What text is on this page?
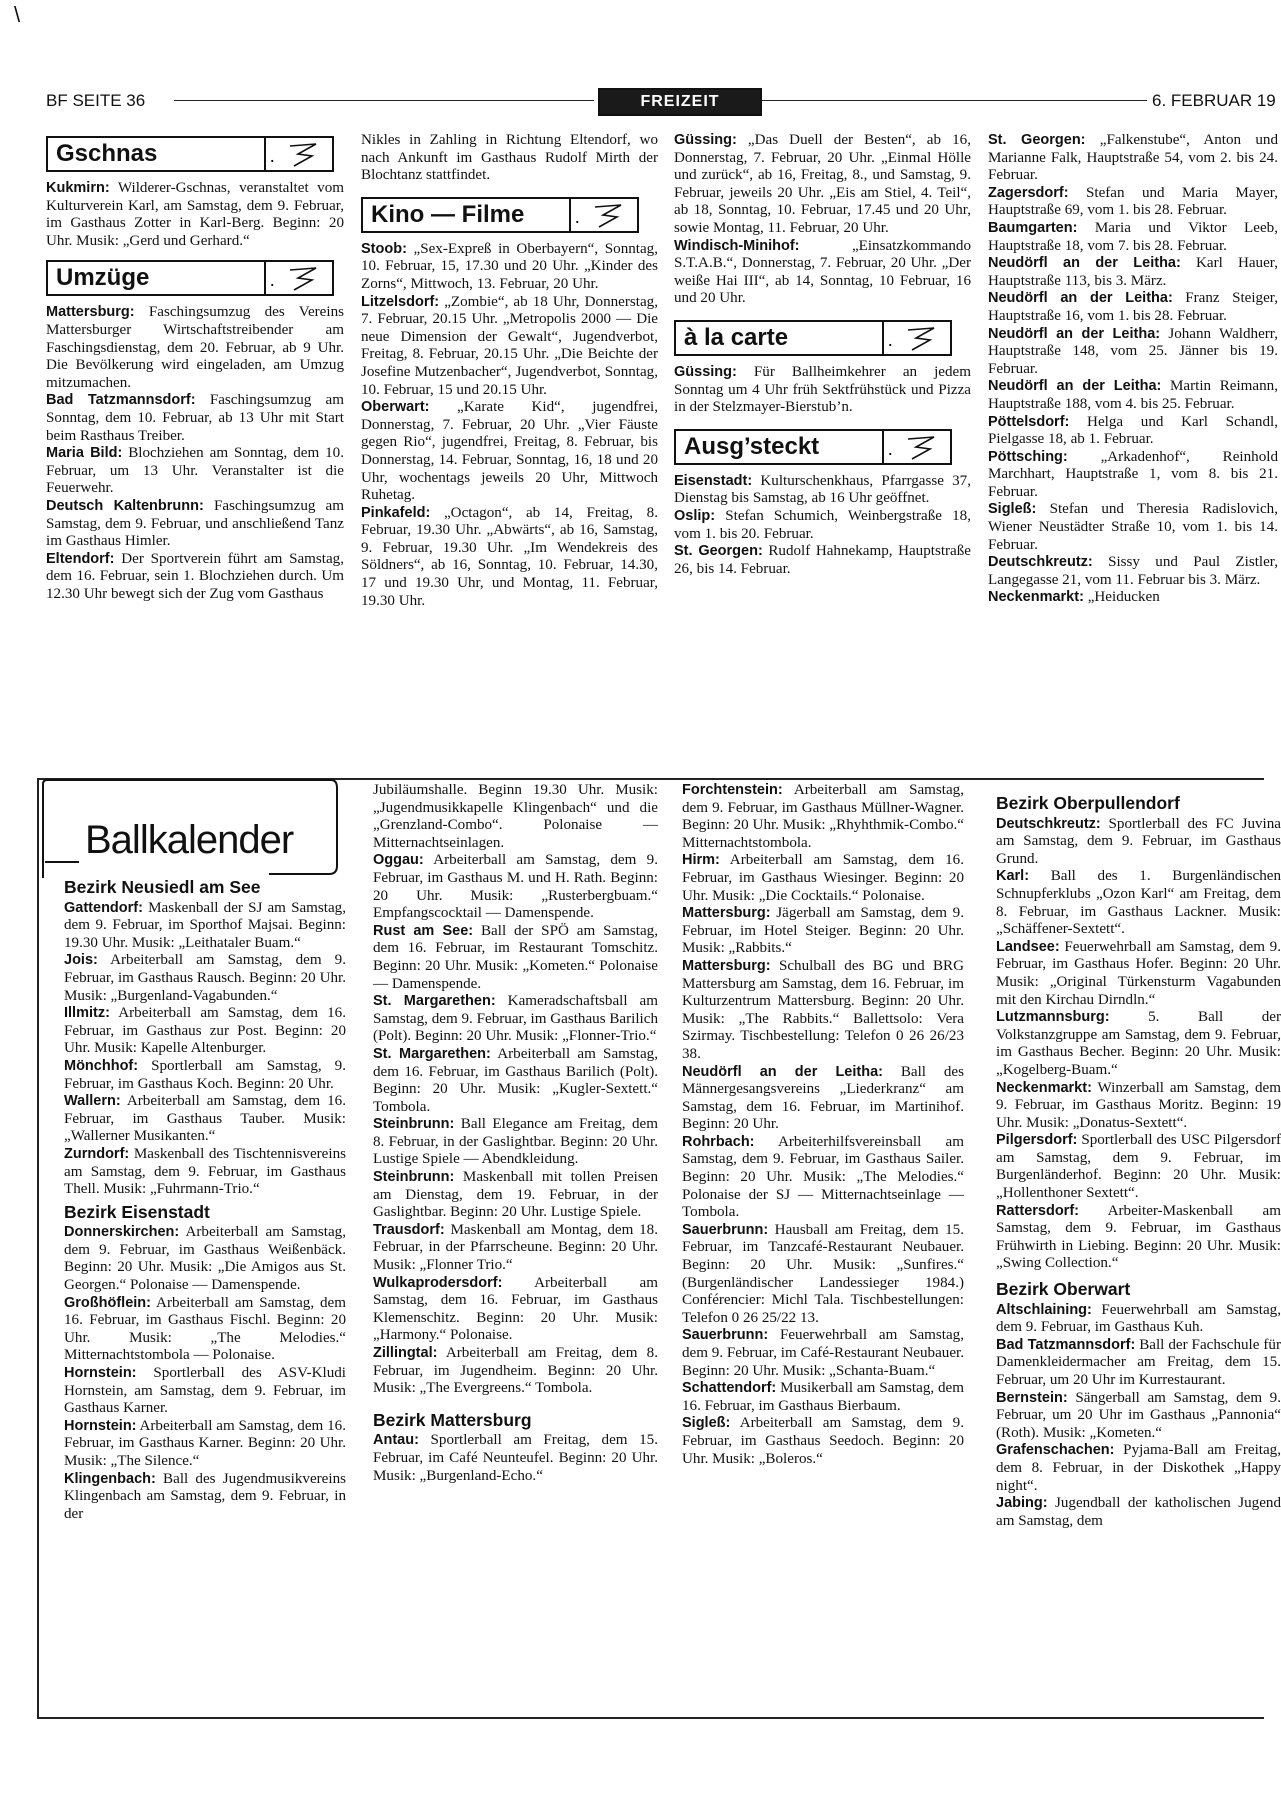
\
BF SEITE 36	FREIZEIT	6. FEBRUAR 19
Gschnas	.

Kukmirn: Wilderer-Gschnas, veranstaltet vom Kulturverein Karl, am Samstag, dem 9. Februar, im Gasthaus Zotter in Karl-Berg. Beginn: 20 Uhr. Musik: „Gerd und Gerhard.“

Umzüge	.

Mattersburg: Faschingsumzug des Vereins Mattersburger Wirtschaftstreibender am Faschingsdienstag, dem 20. Februar, ab 9 Uhr. Die Bevölkerung wird eingeladen, am Umzug mitzumachen.

Bad Tatzmannsdorf: Faschingsumzug am Sonntag, dem 10. Februar, ab 13 Uhr mit Start beim Rasthaus Treiber.

Maria Bild: Blochziehen am Sonntag, dem 10. Februar, um 13 Uhr. Veranstalter ist die Feuerwehr.

Deutsch Kaltenbrunn: Faschingsumzug am Samstag, dem 9. Februar, und anschließend Tanz im Gasthaus Himler.

Eltendorf: Der Sportverein führt am Samstag, dem 16. Februar, sein 1. Blochziehen durch. Um 12.30 Uhr bewegt sich der Zug vom Gasthaus

Nikles in Zahling in Richtung Eltendorf, wo nach Ankunft im Gasthaus Rudolf Mirth der Blochtanz stattfindet.

Kino — Filme	.

Stoob: „Sex-Expreß in Oberbayern“, Sonntag, 10. Februar, 15, 17.30 und 20 Uhr. „Kinder des Zorns“, Mittwoch, 13. Februar, 20 Uhr.

Litzelsdorf: „Zombie“, ab 18 Uhr, Donnerstag, 7. Februar, 20.15 Uhr. „Metropolis 2000 — Die neue Dimension der Gewalt“, Jugendverbot, Freitag, 8. Februar, 20.15 Uhr. „Die Beichte der Josefine Mutzenbacher“, Jugendverbot, Sonntag, 10. Februar, 15 und 20.15 Uhr.

Oberwart: „Karate Kid“, jugendfrei, Donnerstag, 7. Februar, 20 Uhr. „Vier Fäuste gegen Rio“, jugendfrei, Freitag, 8. Februar, bis Donnerstag, 14. Februar, Sonntag, 16, 18 und 20 Uhr, wochentags jeweils 20 Uhr, Mittwoch Ruhetag.

Pinkafeld: „Octagon“, ab 14, Freitag, 8. Februar, 19.30 Uhr. „Abwärts“, ab 16, Samstag, 9. Februar, 19.30 Uhr. „Im Wendekreis des Söldners“, ab 16, Sonntag, 10. Februar, 14.30, 17 und 19.30 Uhr, und Montag, 11. Februar, 19.30 Uhr.

Güssing: „Das Duell der Besten“, ab 16, Donnerstag, 7. Februar, 20 Uhr. „Einmal Hölle und zurück“, ab 16, Freitag, 8., und Samstag, 9. Februar, jeweils 20 Uhr. „Eis am Stiel, 4. Teil“, ab 18, Sonntag, 10. Februar, 17.45 und 20 Uhr, sowie Montag, 11. Februar, 20 Uhr.

Windisch-Minihof: „Einsatzkommando S.T.A.B.“, Donnerstag, 7. Februar, 20 Uhr. „Der weiße Hai III“, ab 14, Sonntag, 10 Februar, 16 und 20 Uhr.

à la carte	.

Güssing: Für Ballheimkehrer an jedem Sonntag um 4 Uhr früh Sektfrühstück und Pizza in der Stelzmayer-Bierstub’n.

Ausg’steckt	.

Eisenstadt: Kulturschenkhaus, Pfarrgasse 37, Dienstag bis Samstag, ab 16 Uhr geöffnet.

Oslip: Stefan Schumich, Weinbergstraße 18, vom 1. bis 20. Februar.

St. Georgen: Rudolf Hahnekamp, Hauptstraße 26, bis 14. Februar.

St. Georgen: „Falkenstube“, Anton und Marianne Falk, Hauptstraße 54, vom 2. bis 24. Februar.

Zagersdorf: Stefan und Maria Mayer, Hauptstraße 69, vom 1. bis 28. Februar.

Baumgarten: Maria und Viktor Leeb, Hauptstraße 18, vom 7. bis 28. Februar.

Neudörfl an der Leitha: Karl Hauer, Hauptstraße 113, bis 3. März.

Neudörfl an der Leitha: Franz Steiger, Hauptstraße 16, vom 1. bis 28. Februar.

Neudörfl an der Leitha: Johann Waldherr, Hauptstraße 148, vom 25. Jänner bis 19. Februar.

Neudörfl an der Leitha: Martin Reimann, Hauptstraße 188, vom 4. bis 25. Februar.

Pöttelsdorf: Helga und Karl Schandl, Pielgasse 18, ab 1. Februar.

Pöttsching: „Arkadenhof“, Reinhold Marchhart, Hauptstraße 1, vom 8. bis 21. Februar.

Sigleß: Stefan und Theresia Radislovich, Wiener Neustädter Straße 10, vom 1. bis 14. Februar.

Deutschkreutz: Sissy und Paul Zistler, Langegasse 21, vom 11. Februar bis 3. März.

Neckenmarkt: „Heiducken

Ballkalender
Bezirk Neusiedl am See

Gattendorf: Maskenball der SJ am Samstag, dem 9. Februar, im Sporthof Majsai. Beginn: 19.30 Uhr. Musik: „Leithataler Buam.“

Jois: Arbeiterball am Samstag, dem 9. Februar, im Gasthaus Rausch. Beginn: 20 Uhr. Musik: „Burgenland-Vagabunden.“

Illmitz: Arbeiterball am Samstag, dem 16. Februar, im Gasthaus zur Post. Beginn: 20 Uhr. Musik: Kapelle Altenburger.

Mönchhof: Sportlerball am Samstag, 9. Februar, im Gasthaus Koch. Beginn: 20 Uhr.

Wallern: Arbeiterball am Samstag, dem 16. Februar, im Gasthaus Tauber. Musik: „Wallerner Musikanten.“

Zurndorf: Maskenball des Tischtennisvereins am Samstag, dem 9. Februar, im Gasthaus Thell. Musik: „Fuhrmann-Trio.“

Bezirk Eisenstadt

Donnerskirchen: Arbeiterball am Samstag, dem 9. Februar, im Gasthaus Weißenbäck. Beginn: 20 Uhr. Musik: „Die Amigos aus St. Georgen.“ Polonaise — Damenspende.

Großhöflein: Arbeiterball am Samstag, dem 16. Februar, im Gasthaus Fischl. Beginn: 20 Uhr. Musik: „The Melodies.“ Mitternachtstombola — Polonaise.

Hornstein: Sportlerball des ASV-Kludi Hornstein, am Samstag, dem 9. Februar, im Gasthaus Karner.

Hornstein: Arbeiterball am Samstag, dem 16. Februar, im Gasthaus Karner. Beginn: 20 Uhr. Musik: „The Silence.“

Klingenbach: Ball des Jugendmusikvereins Klingenbach am Samstag, dem 9. Februar, in der

Jubiläumshalle. Beginn 19.30 Uhr. Musik: „Jugendmusikkapelle Klingenbach“ und die „Grenzland-Combo“. Polonaise — Mitternachtseinlagen.

Oggau: Arbeiterball am Samstag, dem 9. Februar, im Gasthaus M. und H. Rath. Beginn: 20 Uhr. Musik: „Rusterbergbuam.“ Empfangscocktail — Damenspende.

Rust am See: Ball der SPÖ am Samstag, dem 16. Februar, im Restaurant Tomschitz. Beginn: 20 Uhr. Musik: „Kometen.“ Polonaise — Damenspende.

St. Margarethen: Kameradschaftsball am Samstag, dem 9. Februar, im Gasthaus Barilich (Polt). Beginn: 20 Uhr. Musik: „Flonner-Trio.“

St. Margarethen: Arbeiterball am Samstag, dem 16. Februar, im Gasthaus Barilich (Polt). Beginn: 20 Uhr. Musik: „Kugler-Sextett.“ Tombola.

Steinbrunn: Ball Elegance am Freitag, dem 8. Februar, in der Gaslightbar. Beginn: 20 Uhr. Lustige Spiele — Abendkleidung.

Steinbrunn: Maskenball mit tollen Preisen am Dienstag, dem 19. Februar, in der Gaslightbar. Beginn: 20 Uhr. Lustige Spiele.

Trausdorf: Maskenball am Montag, dem 18. Februar, in der Pfarrscheune. Beginn: 20 Uhr. Musik: „Flonner Trio.“

Wulkaprodersdorf: Arbeiterball am Samstag, dem 16. Februar, im Gasthaus Klemenschitz. Beginn: 20 Uhr. Musik: „Harmony.“ Polonaise.

Zillingtal: Arbeiterball am Freitag, dem 8. Februar, im Jugendheim. Beginn: 20 Uhr. Musik: „The Evergreens.“ Tombola.

Bezirk Mattersburg

Antau: Sportlerball am Freitag, dem 15. Februar, im Café Neunteufel. Beginn: 20 Uhr. Musik: „Burgenland-Echo.“

Forchtenstein: Arbeiterball am Samstag, dem 9. Februar, im Gasthaus Müllner-Wagner. Beginn: 20 Uhr. Musik: „Rhyhthmik-Combo.“ Mitternachtstombola.

Hirm: Arbeiterball am Samstag, dem 16. Februar, im Gasthaus Wiesinger. Beginn: 20 Uhr. Musik: „Die Cocktails.“ Polonaise.

Mattersburg: Jägerball am Samstag, dem 9. Februar, im Hotel Steiger. Beginn: 20 Uhr. Musik: „Rabbits.“

Mattersburg: Schulball des BG und BRG Mattersburg am Samstag, dem 16. Februar, im Kulturzentrum Mattersburg. Beginn: 20 Uhr. Musik: „The Rabbits.“ Ballettsolo: Vera Szirmay. Tischbestellung: Telefon 0 26 26/23 38.

Neudörfl an der Leitha: Ball des Männergesangsvereins „Liederkranz“ am Samstag, dem 16. Februar, im Martinihof. Beginn: 20 Uhr.

Rohrbach: Arbeiterhilfsvereinsball am Samstag, dem 9. Februar, im Gasthaus Sailer. Beginn: 20 Uhr. Musik: „The Melodies.“ Polonaise der SJ — Mitternachtseinlage — Tombola.

Sauerbrunn: Hausball am Freitag, dem 15. Februar, im Tanzcafé-Restaurant Neubauer. Beginn: 20 Uhr. Musik: „Sunfires.“ (Burgenländischer Landessieger 1984.) Conférencier: Michl Tala. Tischbestellungen: Telefon 0 26 25/22 13.

Sauerbrunn: Feuerwehrball am Samstag, dem 9. Februar, im Café-Restaurant Neubauer. Beginn: 20 Uhr. Musik: „Schanta-Buam.“

Schattendorf: Musikerball am Samstag, dem 16. Februar, im Gasthaus Bierbaum.

Sigleß: Arbeiterball am Samstag, dem 9. Februar, im Gasthaus Seedoch. Beginn: 20 Uhr. Musik: „Boleros.“

Bezirk Oberpullendorf

Deutschkreutz: Sportlerball des FC Juvina am Samstag, dem 9. Februar, im Gasthaus Grund.

Karl: Ball des 1. Burgenländischen Schnupferklubs „Ozon Karl“ am Freitag, dem 8. Februar, im Gasthaus Lackner. Musik: „Schäffener-Sextett“.

Landsee: Feuerwehrball am Samstag, dem 9. Februar, im Gasthaus Hofer. Beginn: 20 Uhr. Musik: „Original Türkensturm Vagabunden mit den Kirchau Dirndln.“

Lutzmannsburg: 5. Ball der Volkstanzgruppe am Samstag, dem 9. Februar, im Gasthaus Becher. Beginn: 20 Uhr. Musik: „Kogelberg-Buam.“

Neckenmarkt: Winzerball am Samstag, dem 9. Februar, im Gasthaus Moritz. Beginn: 19 Uhr. Musik: „Donatus-Sextett“.

Pilgersdorf: Sportlerball des USC Pilgersdorf am Samstag, dem 9. Februar, im Burgenländerhof. Beginn: 20 Uhr. Musik: „Hollenthoner Sextett“.

Rattersdorf: Arbeiter-Maskenball am Samstag, dem 9. Februar, im Gasthaus Frühwirth in Liebing. Beginn: 20 Uhr. Musik: „Swing Collection.“

Bezirk Oberwart

Altschlaining: Feuerwehrball am Samstag, dem 9. Februar, im Gasthaus Kuh.

Bad Tatzmannsdorf: Ball der Fachschule für Damenkleidermacher am Freitag, dem 15. Februar, um 20 Uhr im Kurrestaurant.

Bernstein: Sängerball am Samstag, dem 9. Februar, um 20 Uhr im Gasthaus „Pannonia“ (Roth). Musik: „Kometen.“

Grafenschachen: Pyjama-Ball am Freitag, dem 8. Februar, in der Diskothek „Happy night“.

Jabing: Jugendball der katholischen Jugend am Samstag, dem
